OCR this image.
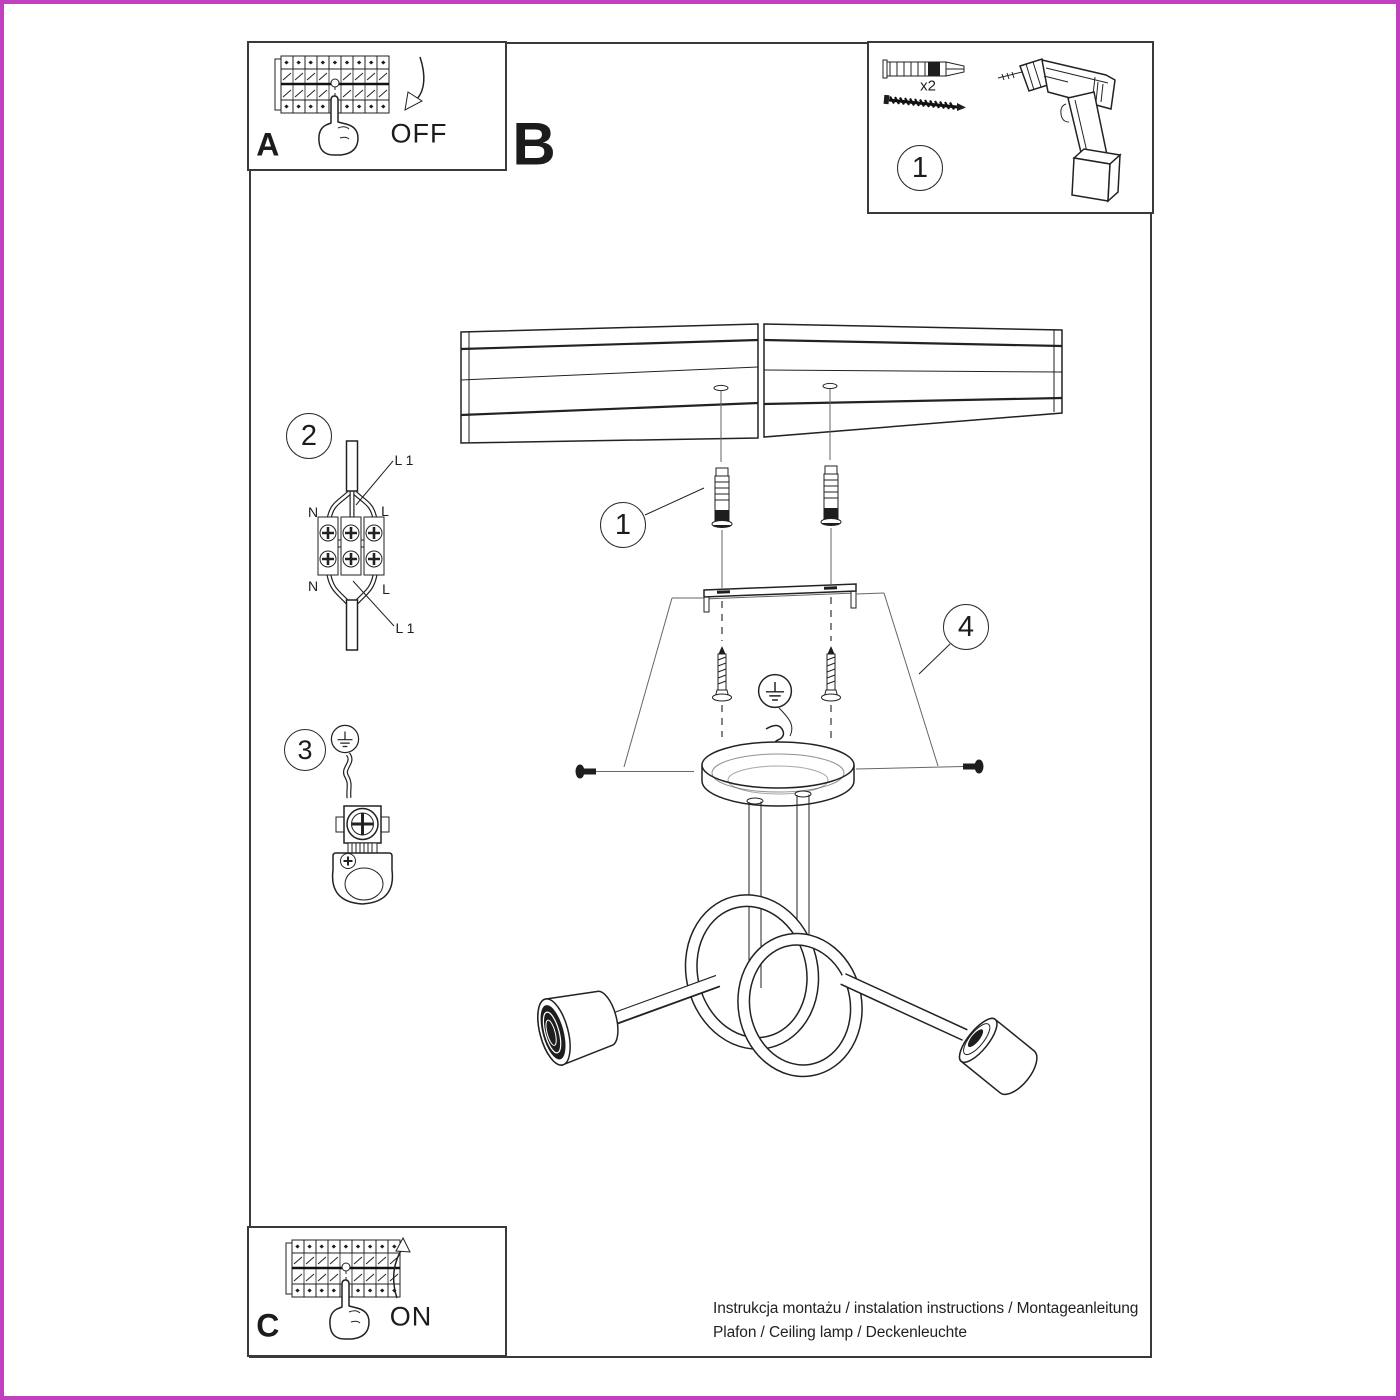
A	OFF B	1
x2
2
L 1
N	L
N	L
L 1
3
1
4
C	ON	Instrukcja montażu / instalation instructions / Montageanleitung
Plafon / Ceiling lamp / Deckenleuchte
